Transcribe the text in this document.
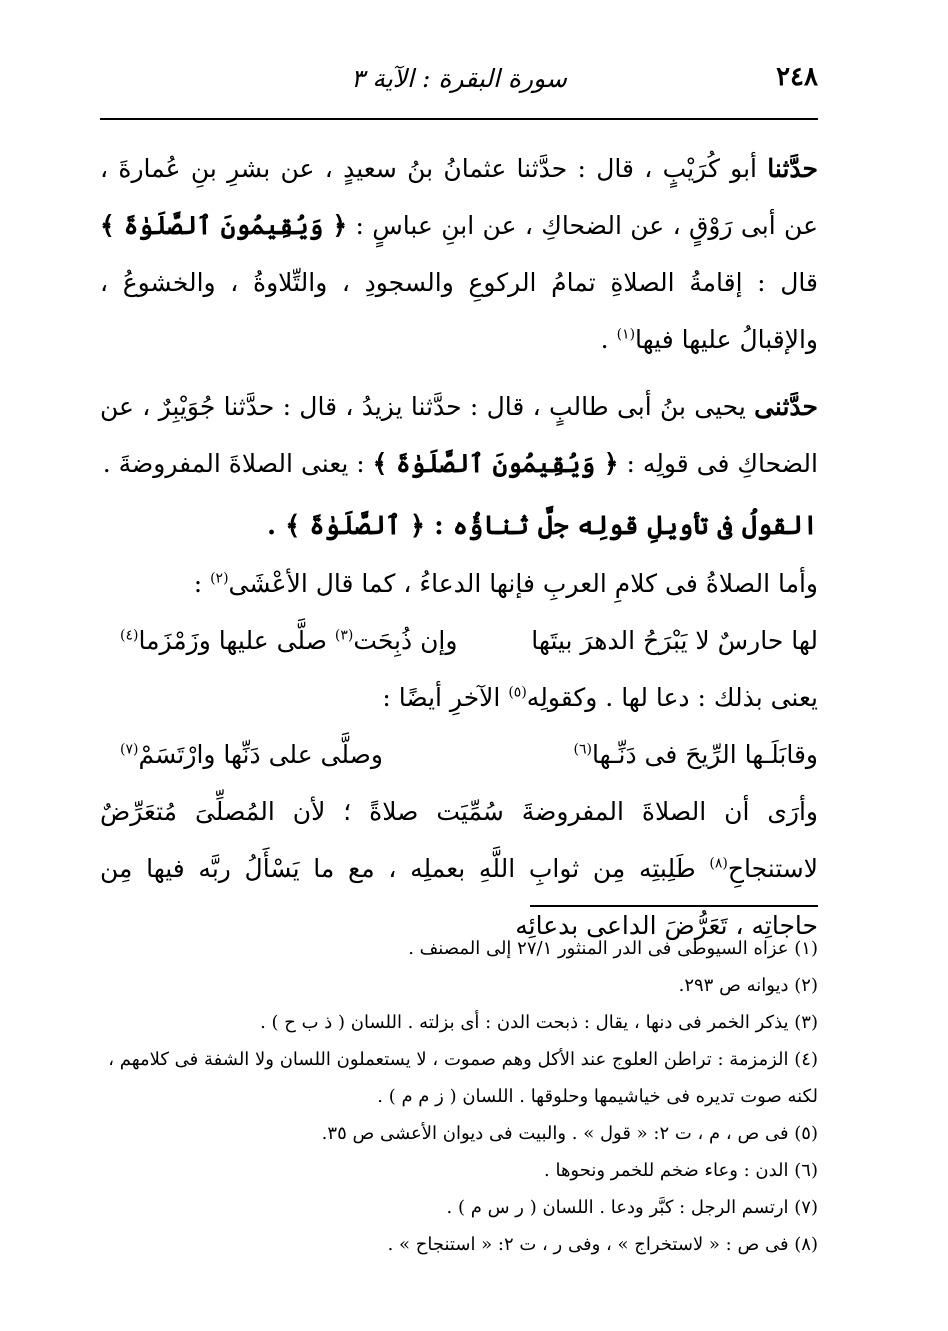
٢٤٨
سورة البقرة : الآية ٣

حدَّثنا أبو كُرَيْبٍ ، قال : حدَّثنا عثمانُ بنُ سعيدٍ ، عن بشرِ بنِ عُمارةَ ، عن أبى رَوْقٍ ، عن الضحاكِ ، عن ابنِ عباسٍ : ﴿ وَيُقِيمُونَ ٱلصَّلَوٰةَ ﴾ قال : إقامةُ الصلاةِ تمامُ الركوعِ والسجودِ ، والتِّلاوةُ ، والخشوعُ ، والإقبالُ عليها فيها$^{(١)}$ .

حدَّثنى يحيى بنُ أبى طالبٍ ، قال : حدَّثنا يزيدُ ، قال : حدَّثنا جُوَيْبِرٌ ، عن الضحاكِ فى قولِه : ﴿ وَيُقِيمُونَ ٱلصَّلَوٰةَ ﴾ : يعنى الصلاةَ المفروضةَ .

القولُ فى تأويلِ قولِه جلَّ ثناؤُه : ﴿ ٱلصَّلَوٰةَ ﴾ .

وأما الصلاةُ فى كلامِ العربِ فإنها الدعاءُ ، كما قال الأعْشَى$^{(٢)}$ :

لها حارسٌ لا يَبْرَحُ الدهرَ بيتَها
وإن ذُبِحَت$^{(٣)}$ صلَّى عليها وزَمْزَما$^{(٤)}$

يعنى بذلك : دعا لها . وكقولِه$^{(٥)}$ الآخرِ أيضًا :

وقابَلَـها الرِّيحَ فى دَنِّـها$^{(٦)}$
وصلَّى على دَنِّها وارْتَسَمْ$^{(٧)}$

وأرَى أن الصلاةَ المفروضةَ سُمِّيَت صلاةً ؛ لأن المُصلِّىَ مُتعَرِّضٌ لاستنجاحِ$^{(٨)}$ طَلِبتِه مِن ثوابِ اللَّهِ بعملِه ، مع ما يَسْأَلُ ربَّه فيها مِن حاجاتِه ، تَعَرُّضَ الداعى بدعائِه

(١) عزاه السيوطى فى الدر المنثور ٢٧/١ إلى المصنف .

(٢) ديوانه ص ٢٩٣.

(٣) يذكر الخمر فى دنها ، يقال : ذبحت الدن : أى بزلته . اللسان ( ذ ب ح ) .

(٤) الزمزمة : تراطن العلوج عند الأكل وهم صموت ، لا يستعملون اللسان ولا الشفة فى كلامهم ، لكنه صوت تديره فى خياشيمها وحلوقها . اللسان ( ز م م ) .

(٥) فى ص ، م ، ت ٢: « قول » . والبيت فى ديوان الأعشى ص ٣٥.

(٦) الدن : وعاء ضخم للخمر ونحوها .

(٧) ارتسم الرجل : كبَّر ودعا . اللسان ( ر س م ) .

(٨) فى ص : « لاستخراج » ، وفى ر ، ت ٢: « استنجاح » .
